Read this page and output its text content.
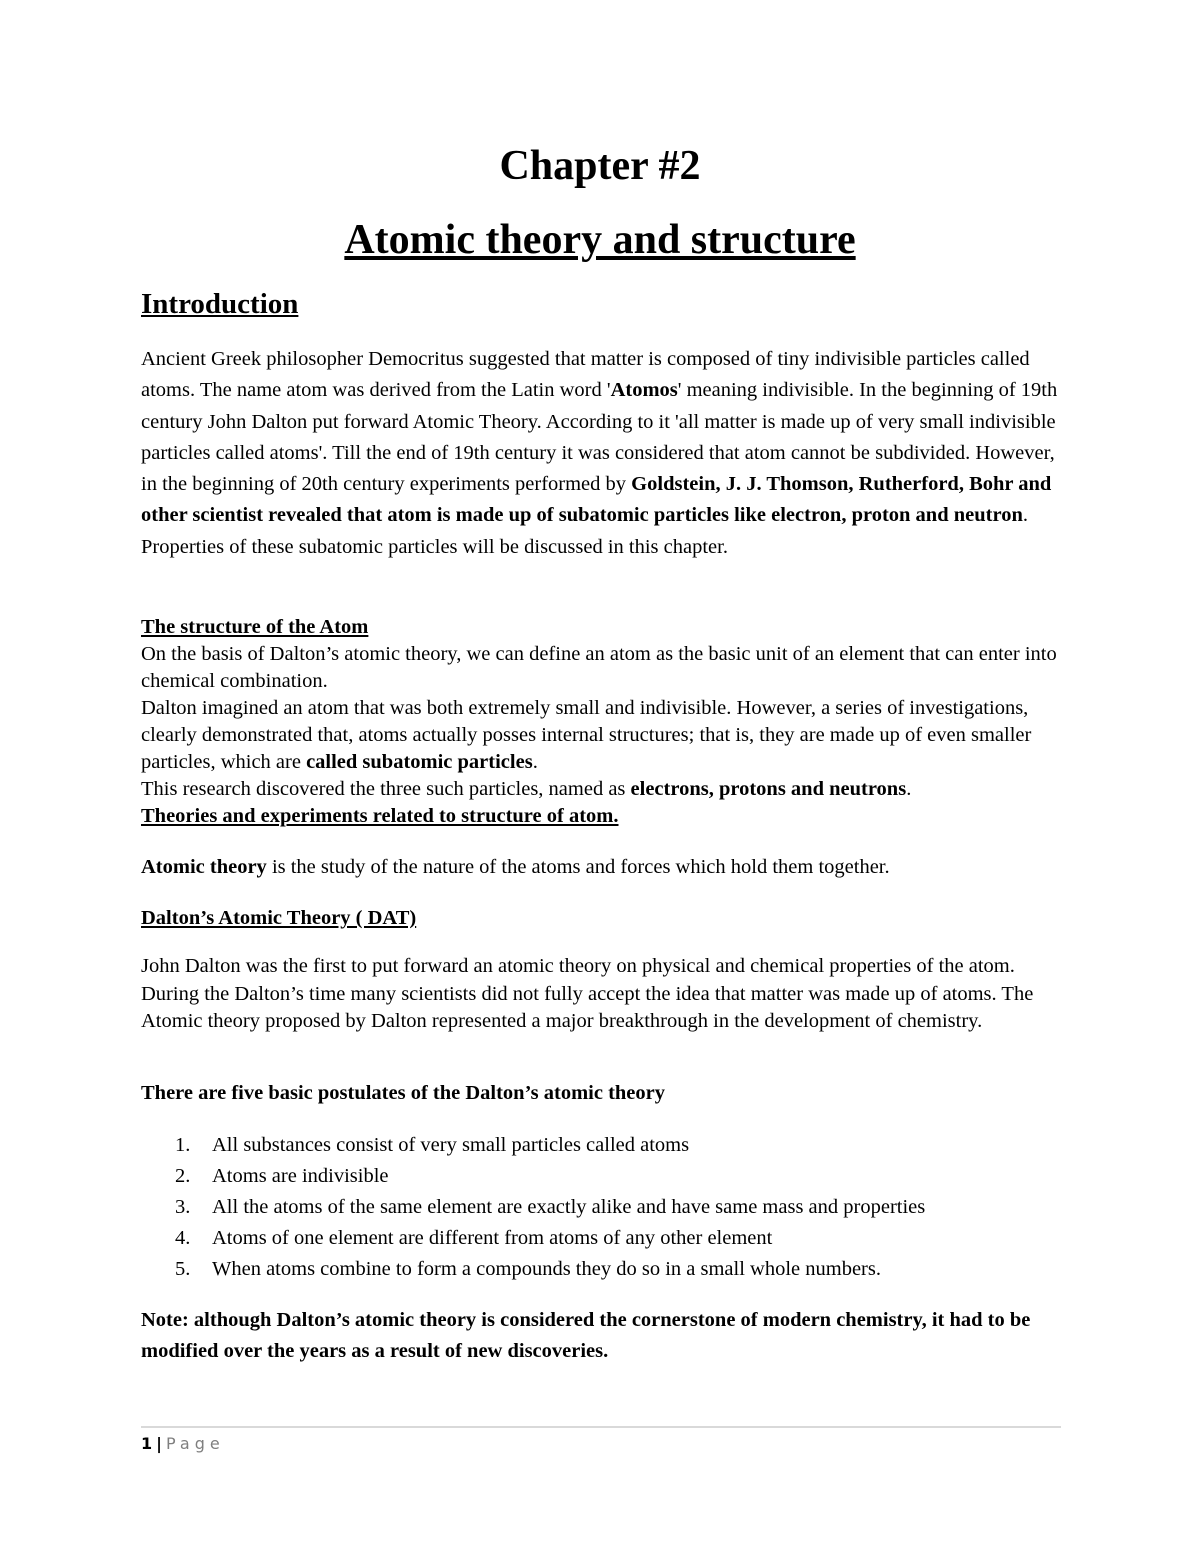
Chapter #2
Atomic theory and structure
Introduction

Ancient Greek philosopher Democritus suggested that matter is composed of tiny indivisible particles called atoms. The name atom was derived from the Latin word 'Atomos' meaning indivisible. In the beginning of 19th century John Dalton put forward Atomic Theory. According to it 'all matter is made up of very small indivisible particles called atoms'. Till the end of 19th century it was considered that atom cannot be subdivided. However, in the beginning of 20th century experiments performed by Goldstein, J. J. Thomson, Rutherford, Bohr and other scientist revealed that atom is made up of subatomic particles like electron, proton and neutron. Properties of these subatomic particles will be discussed in this chapter.

The structure of the Atom
On the basis of Dalton’s atomic theory, we can define an atom as the basic unit of an element that can enter into chemical combination.
Dalton imagined an atom that was both extremely small and indivisible. However, a series of investigations, clearly demonstrated that, atoms actually posses internal structures; that is, they are made up of even smaller particles, which are called subatomic particles.
This research discovered the three such particles, named as electrons, protons and neutrons.
Theories and experiments related to structure of atom.

Atomic theory is the study of the nature of the atoms and forces which hold them together.

Dalton’s Atomic Theory ( DAT)

John Dalton was the first to put forward an atomic theory on physical and chemical properties of the atom. During the Dalton’s time many scientists did not fully accept the idea that matter was made up of atoms. The Atomic theory proposed by Dalton represented a major breakthrough in the development of chemistry.

There are five basic postulates of the Dalton’s atomic theory
1. All substances consist of very small particles called atoms
2. Atoms are indivisible
3. All the atoms of the same element are exactly alike and have same mass and properties
4. Atoms of one element are different from atoms of any other element
5. When atoms combine to form a compounds they do so in a small whole numbers.

Note: although Dalton’s atomic theory is considered the cornerstone of modern chemistry, it had to be modified over the years as a result of new discoveries.

1 | Page
